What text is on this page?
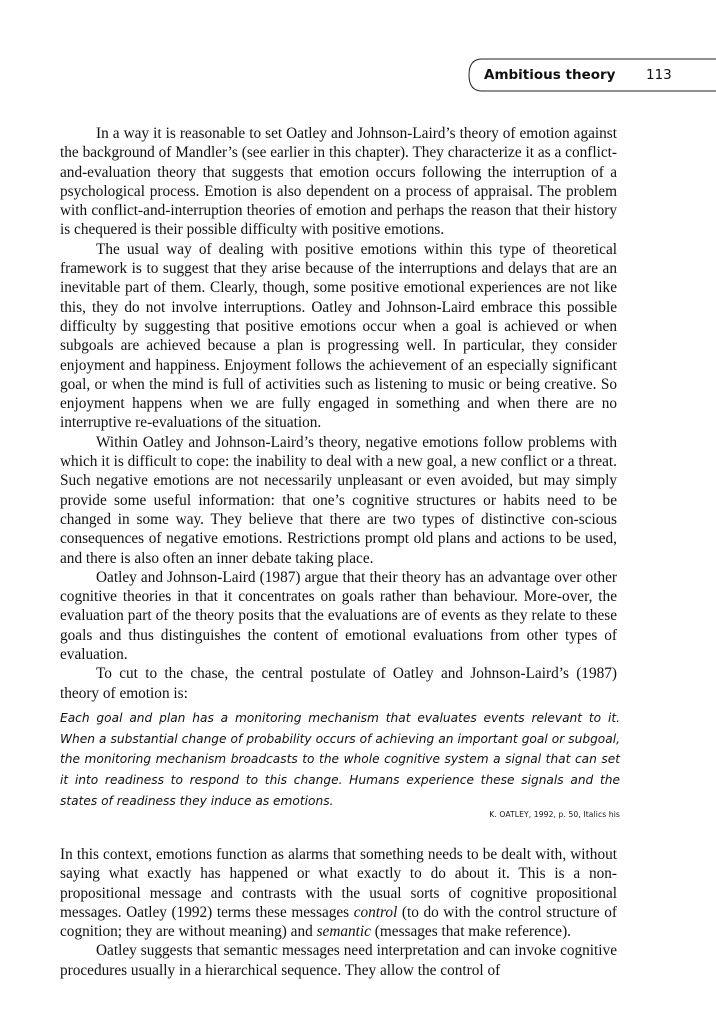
Ambitious theory 113

In a way it is reasonable to set Oatley and Johnson-Laird’s theory of emotion against the background of Mandler’s (see earlier in this chapter). They characterize it as a conflict-and-evaluation theory that suggests that emotion occurs following the interruption of a psychological process. Emotion is also dependent on a process of appraisal. The problem with conflict-and-interruption theories of emotion and perhaps the reason that their history is chequered is their possible difficulty with positive emotions.

The usual way of dealing with positive emotions within this type of theoretical framework is to suggest that they arise because of the interruptions and delays that are an inevitable part of them. Clearly, though, some positive emotional experiences are not like this, they do not involve interruptions. Oatley and Johnson-Laird embrace this possible difficulty by suggesting that positive emotions occur when a goal is achieved or when subgoals are achieved because a plan is progressing well. In particular, they consider enjoyment and happiness. Enjoyment follows the achievement of an especially significant goal, or when the mind is full of activities such as listening to music or being creative. So enjoyment happens when we are fully engaged in something and when there are no interruptive re-evaluations of the situation.

Within Oatley and Johnson-Laird’s theory, negative emotions follow problems with which it is difficult to cope: the inability to deal with a new goal, a new conflict or a threat. Such negative emotions are not necessarily unpleasant or even avoided, but may simply provide some useful information: that one’s cognitive structures or habits need to be changed in some way. They believe that there are two types of distinctive con-scious consequences of negative emotions. Restrictions prompt old plans and actions to be used, and there is also often an inner debate taking place.

Oatley and Johnson-Laird (1987) argue that their theory has an advantage over other cognitive theories in that it concentrates on goals rather than behaviour. More-over, the evaluation part of the theory posits that the evaluations are of events as they relate to these goals and thus distinguishes the content of emotional evaluations from other types of evaluation.

To cut to the chase, the central postulate of Oatley and Johnson-Laird’s (1987) theory of emotion is:

Each goal and plan has a monitoring mechanism that evaluates events relevant to it. When a substantial change of probability occurs of achieving an important goal or subgoal, the monitoring mechanism broadcasts to the whole cognitive system a signal that can set it into readiness to respond to this change. Humans experience these signals and the states of readiness they induce as emotions.

K. OATLEY, 1992, p. 50, Italics his

In this context, emotions function as alarms that something needs to be dealt with, without saying what exactly has happened or what exactly to do about it. This is a non-propositional message and contrasts with the usual sorts of cognitive propositional messages. Oatley (1992) terms these messages control (to do with the control structure of cognition; they are without meaning) and semantic (messages that make reference).

Oatley suggests that semantic messages need interpretation and can invoke cognitive procedures usually in a hierarchical sequence. They allow the control of
